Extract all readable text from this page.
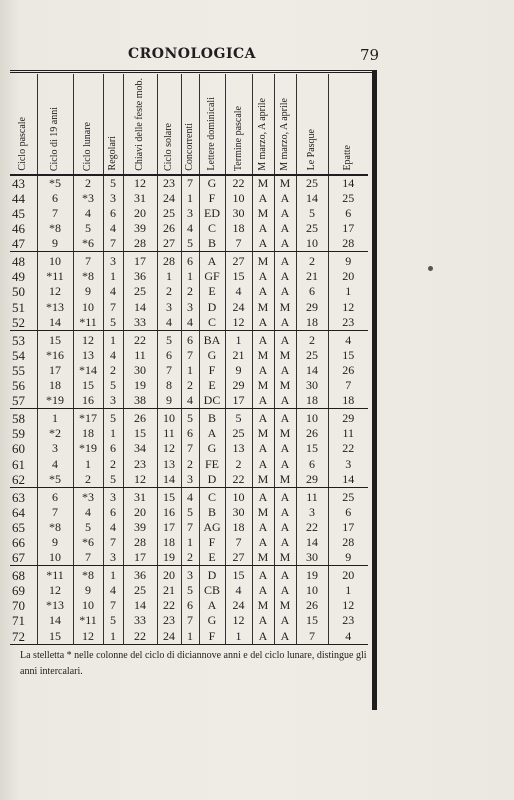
CRONOLOGICA	79
Ciclo pascale	Ciclo di 19 anni	Ciclo lunare	Regolari	Chiavi delle feste mob.	Ciclo solare	Concorrenti	Lettere dominicali	Termine pascale	M marzo, A aprile	M marzo, A aprile	Le Pasque	Epatte
43	*5	2	5	12	23	7	G	22	M	M	25	14
44	6	*3	3	31	24	1	F	10	A	A	14	25
45	7	4	6	20	25	3	ED	30	M	A	5	6
46	*8	5	4	39	26	4	C	18	A	A	25	17
47	9	*6	7	28	27	5	B	7	A	A	10	28
48	10	7	3	17	28	6	A	27	M	A	2	9
49	*11	*8	1	36	1	1	GF	15	A	A	21	20
50	12	9	4	25	2	2	E	4	A	A	6	1
51	*13	10	7	14	3	3	D	24	M	M	29	12
52	14	*11	5	33	4	4	C	12	A	A	18	23
53	15	12	1	22	5	6	BA	1	A	A	2	4
54	*16	13	4	11	6	7	G	21	M	M	25	15
55	17	*14	2	30	7	1	F	9	A	A	14	26
56	18	15	5	19	8	2	E	29	M	M	30	7
57	*19	16	3	38	9	4	DC	17	A	A	18	18
58	1	*17	5	26	10	5	B	5	A	A	10	29
59	*2	18	1	15	11	6	A	25	M	M	26	11
60	3	*19	6	34	12	7	G	13	A	A	15	22
61	4	1	2	23	13	2	FE	2	A	A	6	3
62	*5	2	5	12	14	3	D	22	M	M	29	14
63	6	*3	3	31	15	4	C	10	A	A	11	25
64	7	4	6	20	16	5	B	30	M	A	3	6
65	*8	5	4	39	17	7	AG	18	A	A	22	17
66	9	*6	7	28	18	1	F	7	A	A	14	28
67	10	7	3	17	19	2	E	27	M	M	30	9
68	*11	*8	1	36	20	3	D	15	A	A	19	20
69	12	9	4	25	21	5	CB	4	A	A	10	1
70	*13	10	7	14	22	6	A	24	M	M	26	12
71	14	*11	5	33	23	7	G	12	A	A	15	23
72	15	12	1	22	24	1	F	1	A	A	7	4
La stelletta * nelle colonne del ciclo di diciannove anni e del ciclo lunare, distingue gli anni intercalari.
